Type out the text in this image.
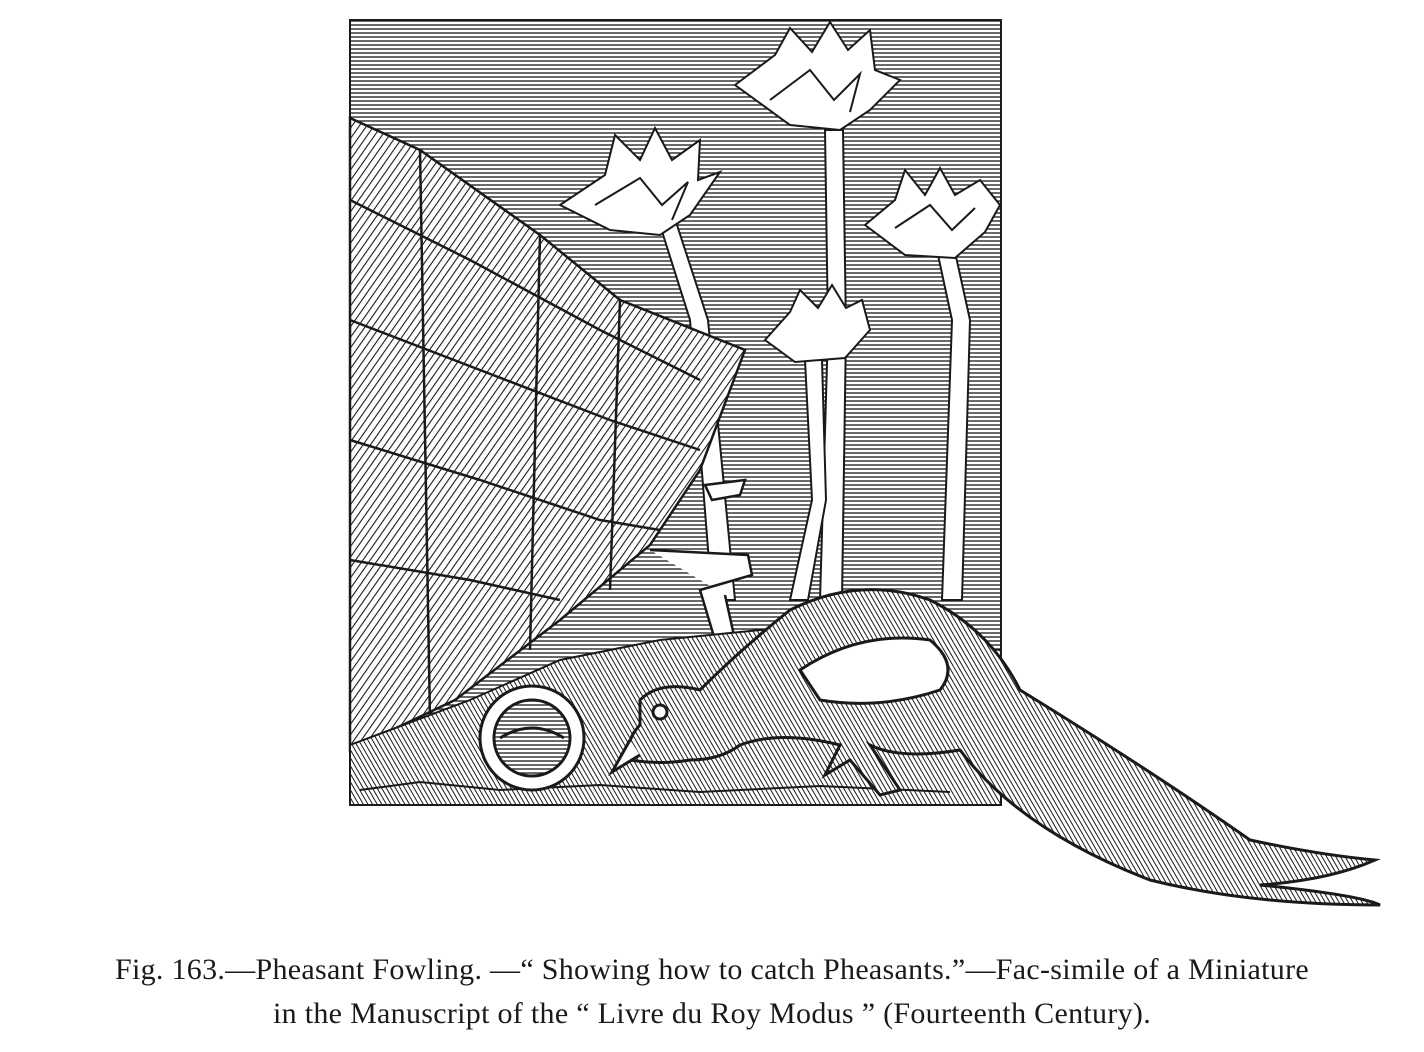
Fig. 163.—Pheasant Fowling. —“ Showing how to catch Pheasants.”—Fac-simile of a Miniature
in the Manuscript of the “ Livre du Roy Modus ” (Fourteenth Century).
